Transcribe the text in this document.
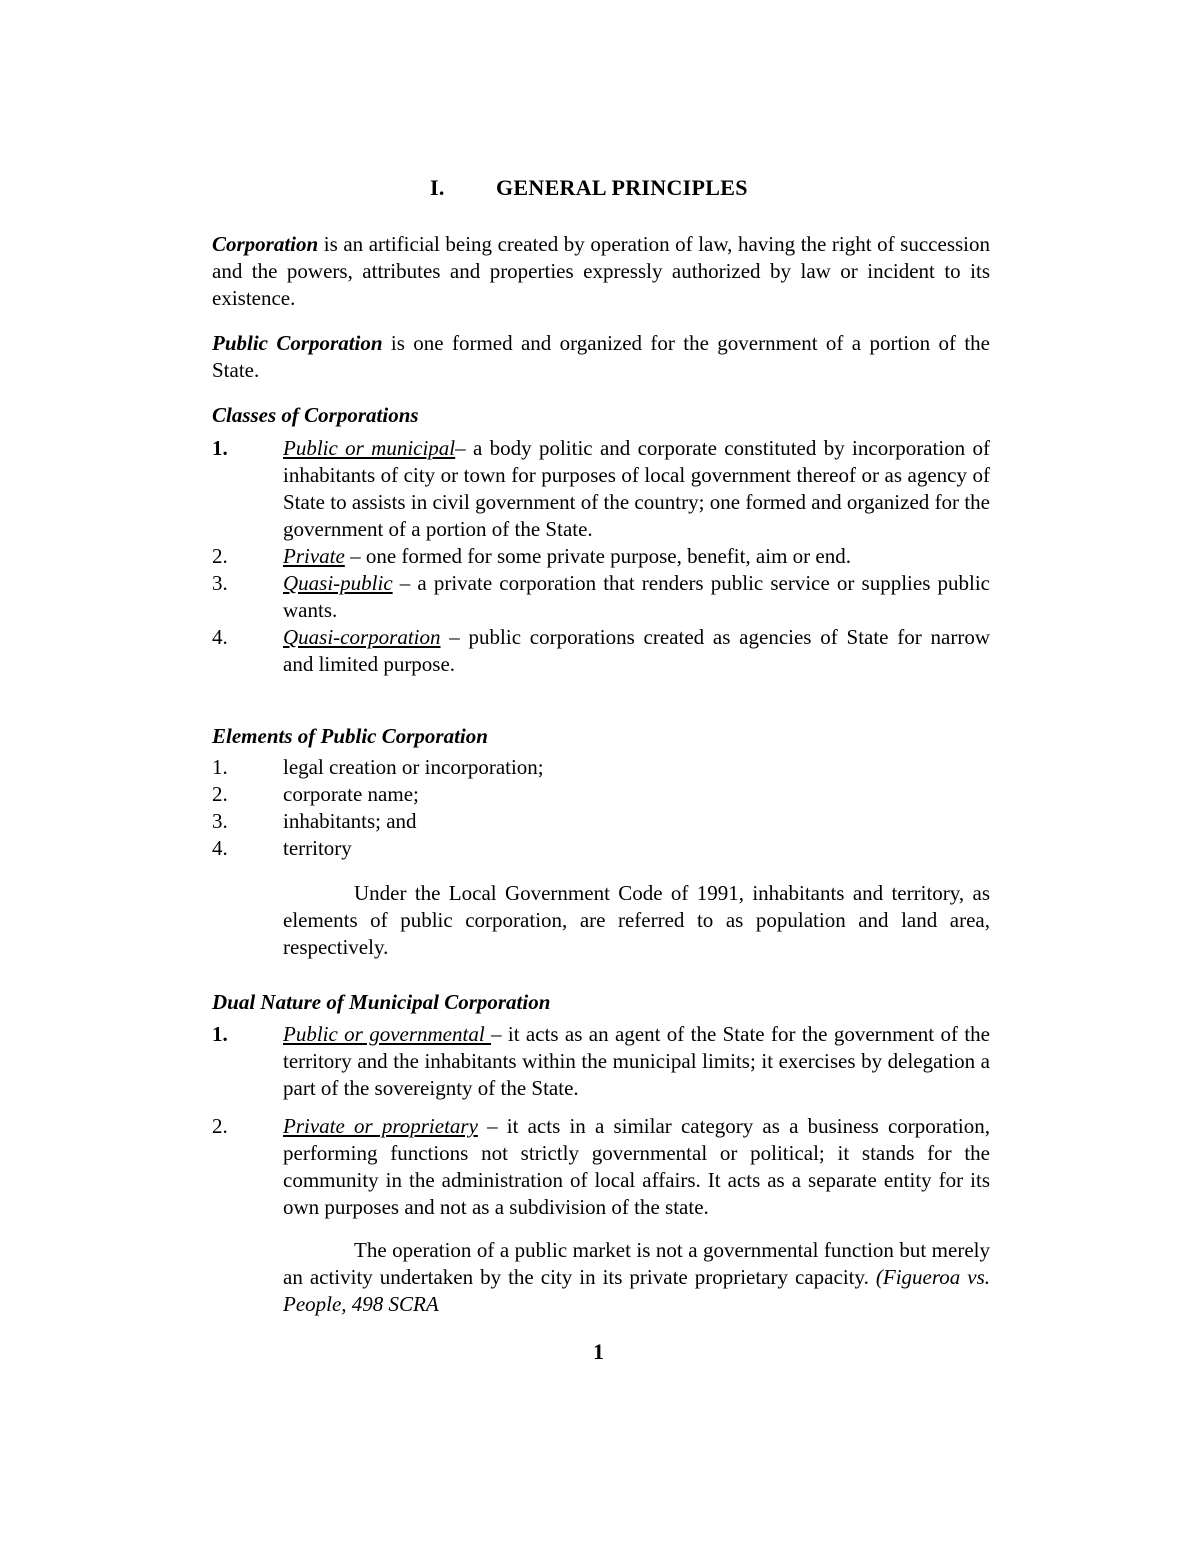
I. GENERAL PRINCIPLES
Corporation is an artificial being created by operation of law, having the right of succession and the powers, attributes and properties expressly authorized by law or incident to its existence.
Public Corporation is one formed and organized for the government of a portion of the State.
Classes of Corporations
1.	Public or municipal– a body politic and corporate constituted by incorporation of inhabitants of city or town for purposes of local government thereof or as agency of State to assists in civil government of the country; one formed and organized for the government of a portion of the State.
2.	Private – one formed for some private purpose, benefit, aim or end.
3.	Quasi-public – a private corporation that renders public service or supplies public wants.
4.	Quasi-corporation – public corporations created as agencies of State for narrow and limited purpose.
Elements of Public Corporation
1.	legal creation or incorporation;
2.	corporate name;
3.	inhabitants; and
4.	territory
Under the Local Government Code of 1991, inhabitants and territory, as elements of public corporation, are referred to as population and land area, respectively.
Dual Nature of Municipal Corporation
1.	Public or governmental – it acts as an agent of the State for the government of the territory and the inhabitants within the municipal limits; it exercises by delegation a part of the sovereignty of the State.
2.	Private or proprietary – it acts in a similar category as a business corporation, performing functions not strictly governmental or political; it stands for the community in the administration of local affairs. It acts as a separate entity for its own purposes and not as a subdivision of the state.
The operation of a public market is not a governmental function but merely an activity undertaken by the city in its private proprietary capacity. (Figueroa vs. People, 498 SCRA
1
